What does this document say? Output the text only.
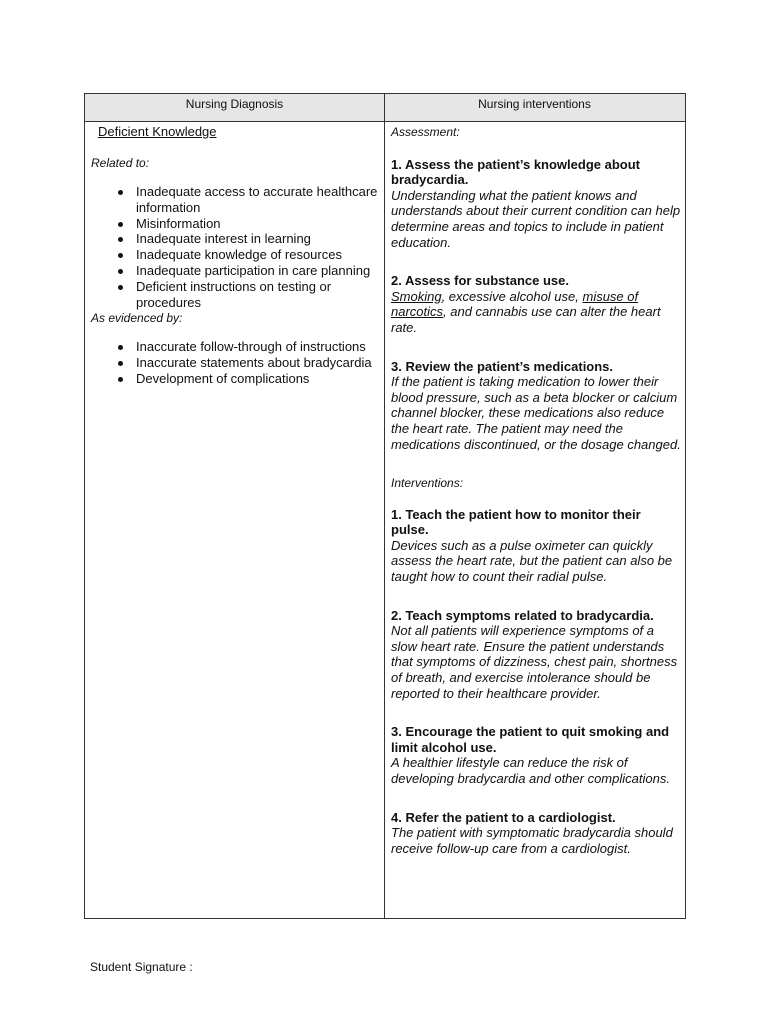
Nursing Diagnosis	Nursing interventions
Deficient Knowledge
Related to:
Inadequate access to accurate healthcare information
Misinformation
Inadequate interest in learning
Inadequate knowledge of resources
Inadequate participation in care planning
Deficient instructions on testing or procedures
As evidenced by:
Inaccurate follow-through of instructions
Inaccurate statements about bradycardia
Development of complications
Assessment:
1. Assess the patient’s knowledge about bradycardia.
Understanding what the patient knows and understands about their current condition can help determine areas and topics to include in patient education.
2. Assess for substance use.
Smoking, excessive alcohol use, misuse of narcotics, and cannabis use can alter the heart rate.
3. Review the patient’s medications.
If the patient is taking medication to lower their blood pressure, such as a beta blocker or calcium channel blocker, these medications also reduce the heart rate. The patient may need the medications discontinued, or the dosage changed.
Interventions:
1. Teach the patient how to monitor their pulse.
Devices such as a pulse oximeter can quickly assess the heart rate, but the patient can also be taught how to count their radial pulse.
2. Teach symptoms related to bradycardia.
Not all patients will experience symptoms of a slow heart rate. Ensure the patient understands that symptoms of dizziness, chest pain, shortness of breath, and exercise intolerance should be reported to their healthcare provider.
3. Encourage the patient to quit smoking and limit alcohol use.
A healthier lifestyle can reduce the risk of developing bradycardia and other complications.
4. Refer the patient to a cardiologist.
The patient with symptomatic bradycardia should receive follow-up care from a cardiologist.
Student Signature :
